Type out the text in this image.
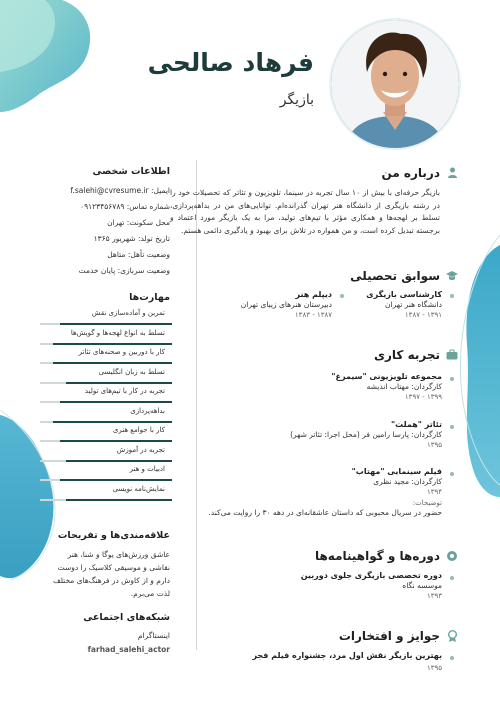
فرهاد صالحی
بازیگر
اطلاعات شخصی
ایمیل: f.salehi@cvresume.ir
شماره تماس: ۰۹۱۲۳۴۵۶۷۸۹
محل سکونت: تهران
تاریخ تولد: شهریور ۱۳۶۵
وضعیت تأهل: متاهل
وضعیت سربازی: پایان خدمت
مهارت‌ها
علاقه‌مندی‌ها و تفریحات
عاشق ورزش‌های یوگا و شنا، هنر نقاشی و موسیقی کلاسیک را دوست دارم و از کاوش در فرهنگ‌های مختلف لذت می‌برم.
شبکه‌های اجتماعی
اینستاگرام
farhad_salehi_actor
درباره من
بازیگر حرفه‌ای با بیش از ۱۰ سال تجربه در سینما، تلویزیون و تئاتر که تحصیلات خود را در رشته بازیگری از دانشگاه هنر تهران گذرانده‌ام. توانایی‌های من در بداهه‌پردازی، تسلط بر لهجه‌ها و همکاری مؤثر با تیم‌های تولید، مرا به یک بازیگر مورد اعتماد و برجسته تبدیل کرده است، و من همواره در تلاش برای بهبود و یادگیری دائمی هستم.
سوابق تحصیلی
کارشناسی بازیگری
دانشگاه هنر تهران
۱۳۹۱ - ۱۳۸۷
دیپلم هنر
دبیرستان هنرهای زیبای تهران
۱۳۸۷ - ۱۳۸۳
تجربه کاری
مجموعه تلویزیونی "سیمرغ"
کارگردان: مهتاب اندیشه
۱۳۹۹ - ۱۳۹۷
تئاتر "هملت"
کارگردان: پارسا رامین فر (محل اجرا: تئاتر شهر)
۱۳۹۵
فیلم سینمایی "مهتاب"
کارگردان: مجید نظری
۱۳۹۴
توضیحات:
حضور در سریال محبوبی که داستان عاشقانه‌ای در دهه ۳۰ را روایت می‌کند.
دوره‌ها و گواهینامه‌ها
دوره تخصصی بازیگری جلوی دوربین
موسسه نگاه
۱۳۹۳
جوایز و افتخارات
بهترین بازیگر نقش اول مرد، جشنواره فیلم فجر
۱۳۹۵
تمرین و آماده‌سازی نقش
تسلط به انواع لهجه‌ها و گویش‌ها
کار با دوربین و صحنه‌های تئاتر
تسلط به زبان انگلیسی
تجربه در کار با تیم‌های تولید
بداهه‌پردازی
کار با جوامع هنری
تجربه در آموزش
ادبیات و هنر
نمایش‌نامه نویسی
